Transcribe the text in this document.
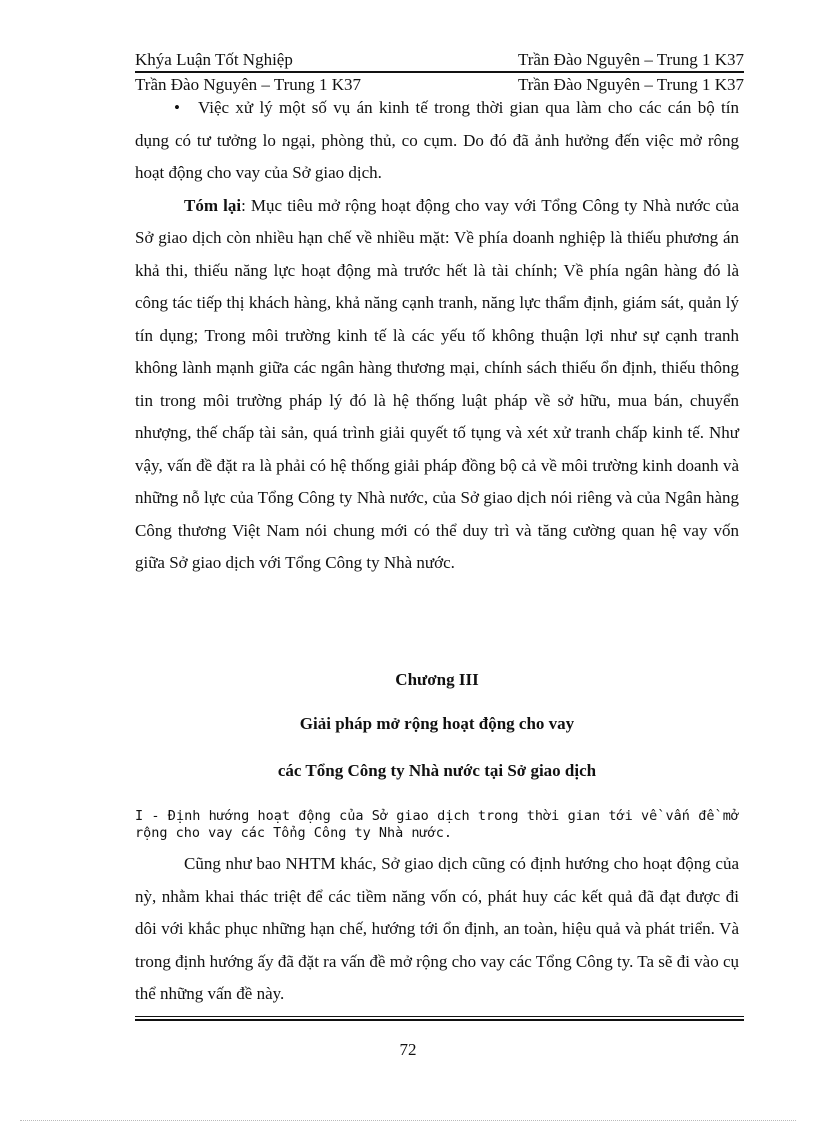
Khýa Luận Tốt Nghiệp	Trần Đào Nguyên – Trung 1 K37
Trần Đào Nguyên – Trung 1 K37	Trần Đào Nguyên – Trung 1 K37

• Việc xử lý một số vụ án kinh tế trong thời gian qua làm cho các cán bộ tín dụng có tư tưởng lo ngại, phòng thủ, co cụm. Do đó đã ảnh hưởng đến việc mở rông hoạt động cho vay của Sở giao dịch.

Tóm lại: Mục tiêu mở rộng hoạt động cho vay với Tổng Công ty Nhà nước của Sở giao dịch còn nhiều hạn chế về nhiều mặt: Về phía doanh nghiệp là thiếu phương án khả thi, thiếu năng lực hoạt động mà trước hết là tài chính; Về phía ngân hàng đó là công tác tiếp thị khách hàng, khả năng cạnh tranh, năng lực thẩm định, giám sát, quản lý tín dụng; Trong môi trường kinh tế là các yếu tố không thuận lợi như sự cạnh tranh không lành mạnh giữa các ngân hàng thương mại, chính sách thiếu ổn định, thiếu thông tin trong môi trường pháp lý đó là hệ thống luật pháp về sở hữu, mua bán, chuyển nhượng, thế chấp tài sản, quá trình giải quyết tố tụng và xét xử tranh chấp kinh tế. Như vậy, vấn đề đặt ra là phải có hệ thống giải pháp đồng bộ cả về môi trường kinh doanh và những nỗ lực của Tổng Công ty Nhà nước, của Sở giao dịch nói riêng và của Ngân hàng Công thương Việt Nam nói chung mới có thể duy trì và tăng cường quan hệ vay vốn giữa Sở giao dịch với Tổng Công ty Nhà nước.

Chương III
Giải pháp mở rộng hoạt động cho vay
các Tổng Công ty Nhà nước tại Sở giao dịch
I - Định hướng hoạt động của Sở giao dịch trong thời gian tới về vấn đề mở rộng cho vay các Tổng Công ty Nhà nước.

Cũng như bao NHTM khác, Sở giao dịch cũng có định hướng cho hoạt động của nỳ, nhằm khai thác triệt để các tiềm năng vốn có, phát huy các kết quả đã đạt được đi dôi với khắc phục những hạn chế, hướng tới ổn định, an toàn, hiệu quả và phát triển. Và trong định hướng ấy đã đặt ra vấn đề mở rộng cho vay các Tổng Công ty. Ta sẽ đi vào cụ thể những vấn đề này.

72
